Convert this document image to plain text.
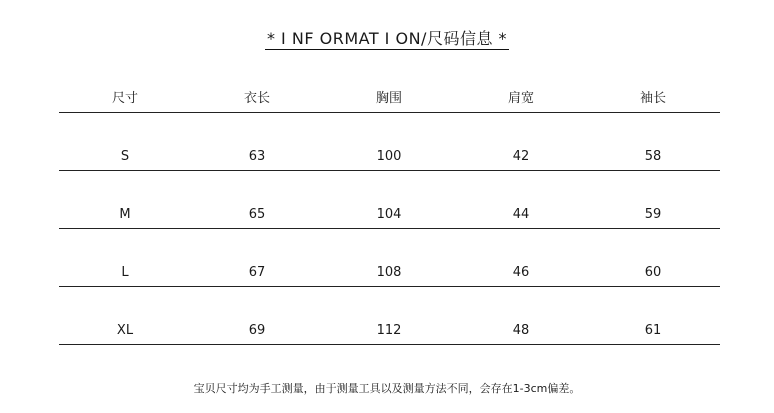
* I NF ORMAT I ON/尺码信息 *
尺寸	衣长	胸围	肩宽	袖长
S	63	100	42	58
M	65	104	44	59
L	67	108	46	60
XL	69	112	48	61
宝贝尺寸均为手工测量，由于测量工具以及测量方法不同，会存在1-3cm偏差。
